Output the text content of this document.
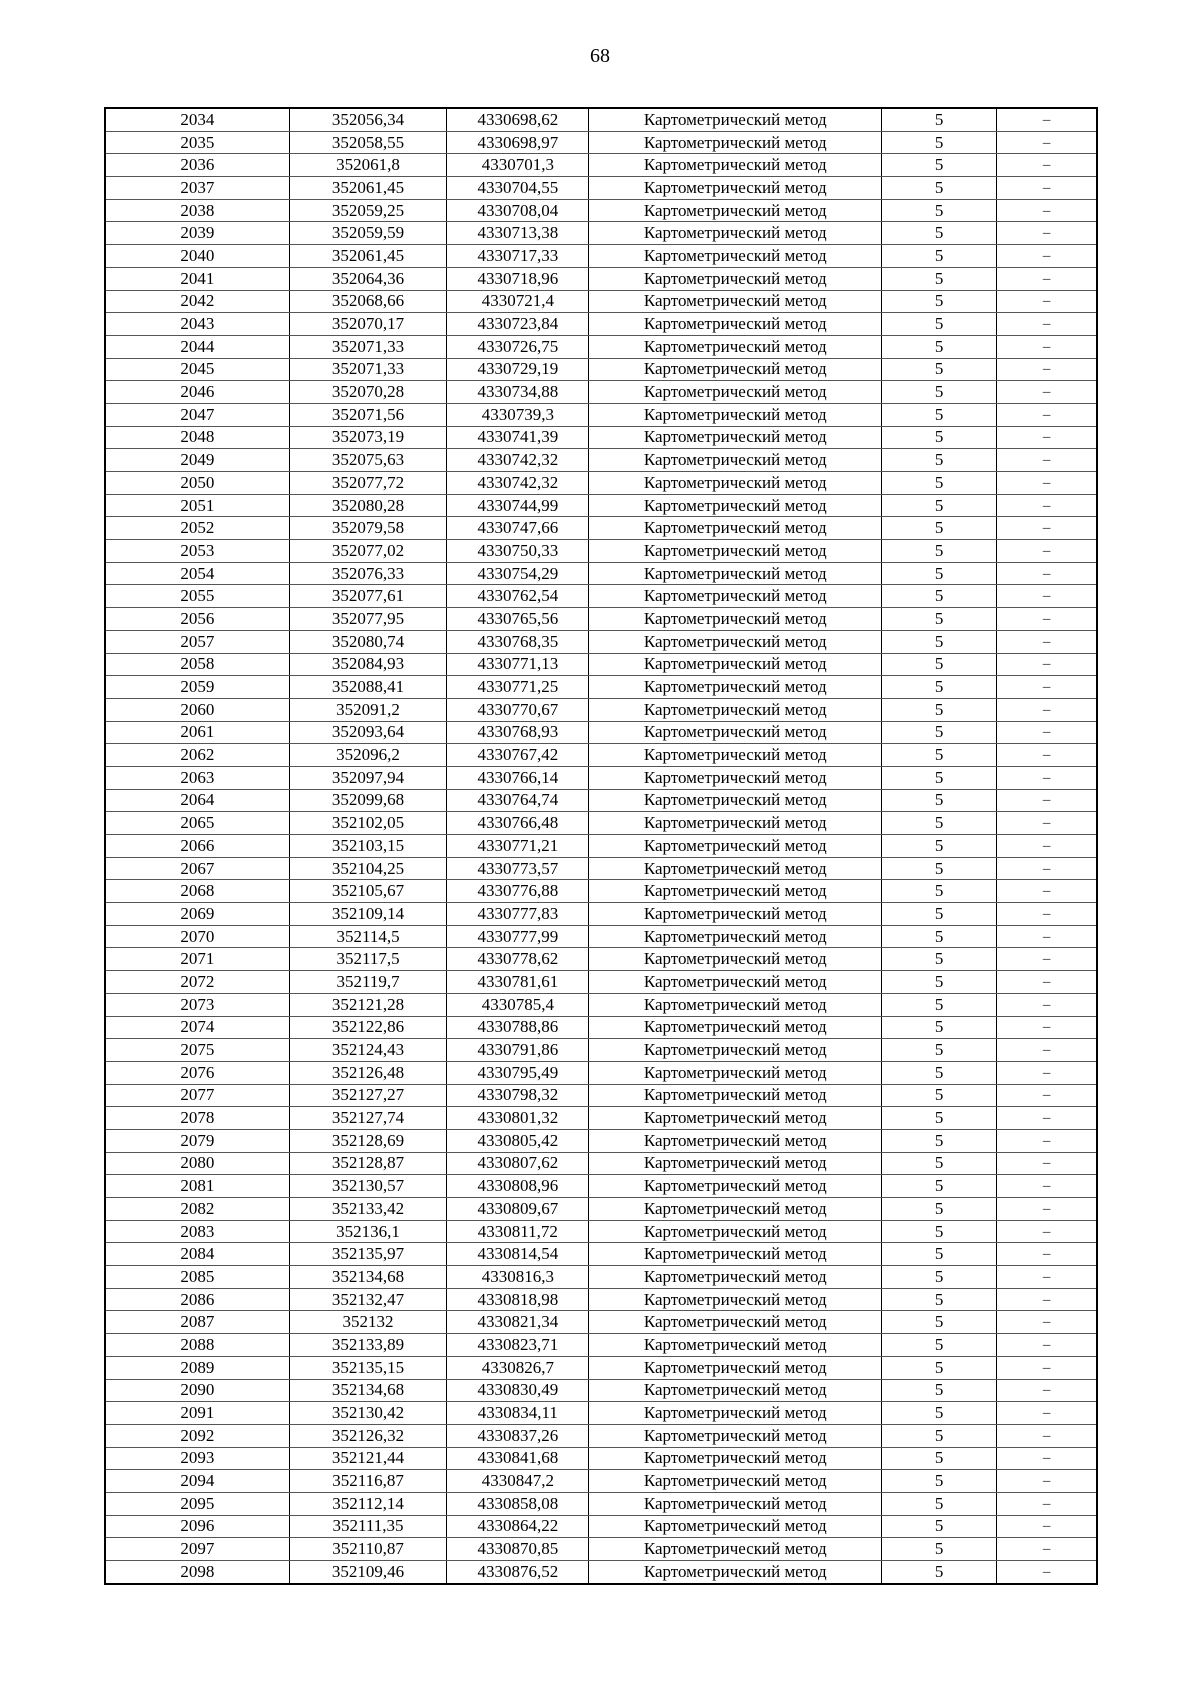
68
2034	352056,34	4330698,62	Картометрический метод	5	–
2035	352058,55	4330698,97	Картометрический метод	5	–
2036	352061,8	4330701,3	Картометрический метод	5	–
2037	352061,45	4330704,55	Картометрический метод	5	–
2038	352059,25	4330708,04	Картометрический метод	5	–
2039	352059,59	4330713,38	Картометрический метод	5	–
2040	352061,45	4330717,33	Картометрический метод	5	–
2041	352064,36	4330718,96	Картометрический метод	5	–
2042	352068,66	4330721,4	Картометрический метод	5	–
2043	352070,17	4330723,84	Картометрический метод	5	–
2044	352071,33	4330726,75	Картометрический метод	5	–
2045	352071,33	4330729,19	Картометрический метод	5	–
2046	352070,28	4330734,88	Картометрический метод	5	–
2047	352071,56	4330739,3	Картометрический метод	5	–
2048	352073,19	4330741,39	Картометрический метод	5	–
2049	352075,63	4330742,32	Картометрический метод	5	–
2050	352077,72	4330742,32	Картометрический метод	5	–
2051	352080,28	4330744,99	Картометрический метод	5	–
2052	352079,58	4330747,66	Картометрический метод	5	–
2053	352077,02	4330750,33	Картометрический метод	5	–
2054	352076,33	4330754,29	Картометрический метод	5	–
2055	352077,61	4330762,54	Картометрический метод	5	–
2056	352077,95	4330765,56	Картометрический метод	5	–
2057	352080,74	4330768,35	Картометрический метод	5	–
2058	352084,93	4330771,13	Картометрический метод	5	–
2059	352088,41	4330771,25	Картометрический метод	5	–
2060	352091,2	4330770,67	Картометрический метод	5	–
2061	352093,64	4330768,93	Картометрический метод	5	–
2062	352096,2	4330767,42	Картометрический метод	5	–
2063	352097,94	4330766,14	Картометрический метод	5	–
2064	352099,68	4330764,74	Картометрический метод	5	–
2065	352102,05	4330766,48	Картометрический метод	5	–
2066	352103,15	4330771,21	Картометрический метод	5	–
2067	352104,25	4330773,57	Картометрический метод	5	–
2068	352105,67	4330776,88	Картометрический метод	5	–
2069	352109,14	4330777,83	Картометрический метод	5	–
2070	352114,5	4330777,99	Картометрический метод	5	–
2071	352117,5	4330778,62	Картометрический метод	5	–
2072	352119,7	4330781,61	Картометрический метод	5	–
2073	352121,28	4330785,4	Картометрический метод	5	–
2074	352122,86	4330788,86	Картометрический метод	5	–
2075	352124,43	4330791,86	Картометрический метод	5	–
2076	352126,48	4330795,49	Картометрический метод	5	–
2077	352127,27	4330798,32	Картометрический метод	5	–
2078	352127,74	4330801,32	Картометрический метод	5	–
2079	352128,69	4330805,42	Картометрический метод	5	–
2080	352128,87	4330807,62	Картометрический метод	5	–
2081	352130,57	4330808,96	Картометрический метод	5	–
2082	352133,42	4330809,67	Картометрический метод	5	–
2083	352136,1	4330811,72	Картометрический метод	5	–
2084	352135,97	4330814,54	Картометрический метод	5	–
2085	352134,68	4330816,3	Картометрический метод	5	–
2086	352132,47	4330818,98	Картометрический метод	5	–
2087	352132	4330821,34	Картометрический метод	5	–
2088	352133,89	4330823,71	Картометрический метод	5	–
2089	352135,15	4330826,7	Картометрический метод	5	–
2090	352134,68	4330830,49	Картометрический метод	5	–
2091	352130,42	4330834,11	Картометрический метод	5	–
2092	352126,32	4330837,26	Картометрический метод	5	–
2093	352121,44	4330841,68	Картометрический метод	5	–
2094	352116,87	4330847,2	Картометрический метод	5	–
2095	352112,14	4330858,08	Картометрический метод	5	–
2096	352111,35	4330864,22	Картометрический метод	5	–
2097	352110,87	4330870,85	Картометрический метод	5	–
2098	352109,46	4330876,52	Картометрический метод	5	–
